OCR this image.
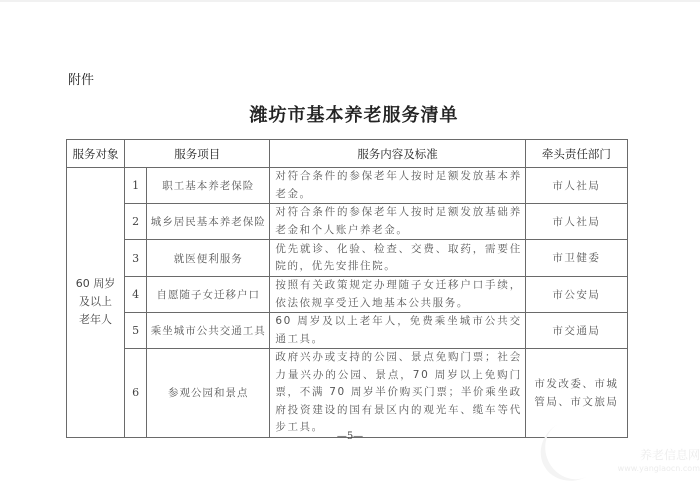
附件
潍坊市基本养老服务清单
服务对象	服务项目		服务内容及标准	牵头责任部门

60 周岁
及以上
老年人	1	职工基本养老保险	对符合条件的参保老年人按时足额发放基本养老金。	市人社局
	2	城乡居民基本养老保险	对符合条件的参保老年人按时足额发放基础养老金和个人账户养老金。	市人社局
	3	就医便利服务	优先就诊、化验、检查、交费、取药，需要住院的，优先安排住院。	市卫健委
	4	自愿随子女迁移户口	按照有关政策规定办理随子女迁移户口手续，依法依规享受迁入地基本公共服务。	市公安局
	5	乘坐城市公共交通工具	60 周岁及以上老年人，免费乘坐城市公共交通工具。	市交通局
	6	参观公园和景点	政府兴办或支持的公园、景点免购门票；社会力量兴办的公园、景点，70 周岁以上免购门票，不满 70 周岁半价购买门票；半价乘坐政府投资建设的国有景区内的观光车、缆车等代步工具。	市发改委、市城管局、市文旅局
—5—
养老信息网
www.yanglaocn.com
